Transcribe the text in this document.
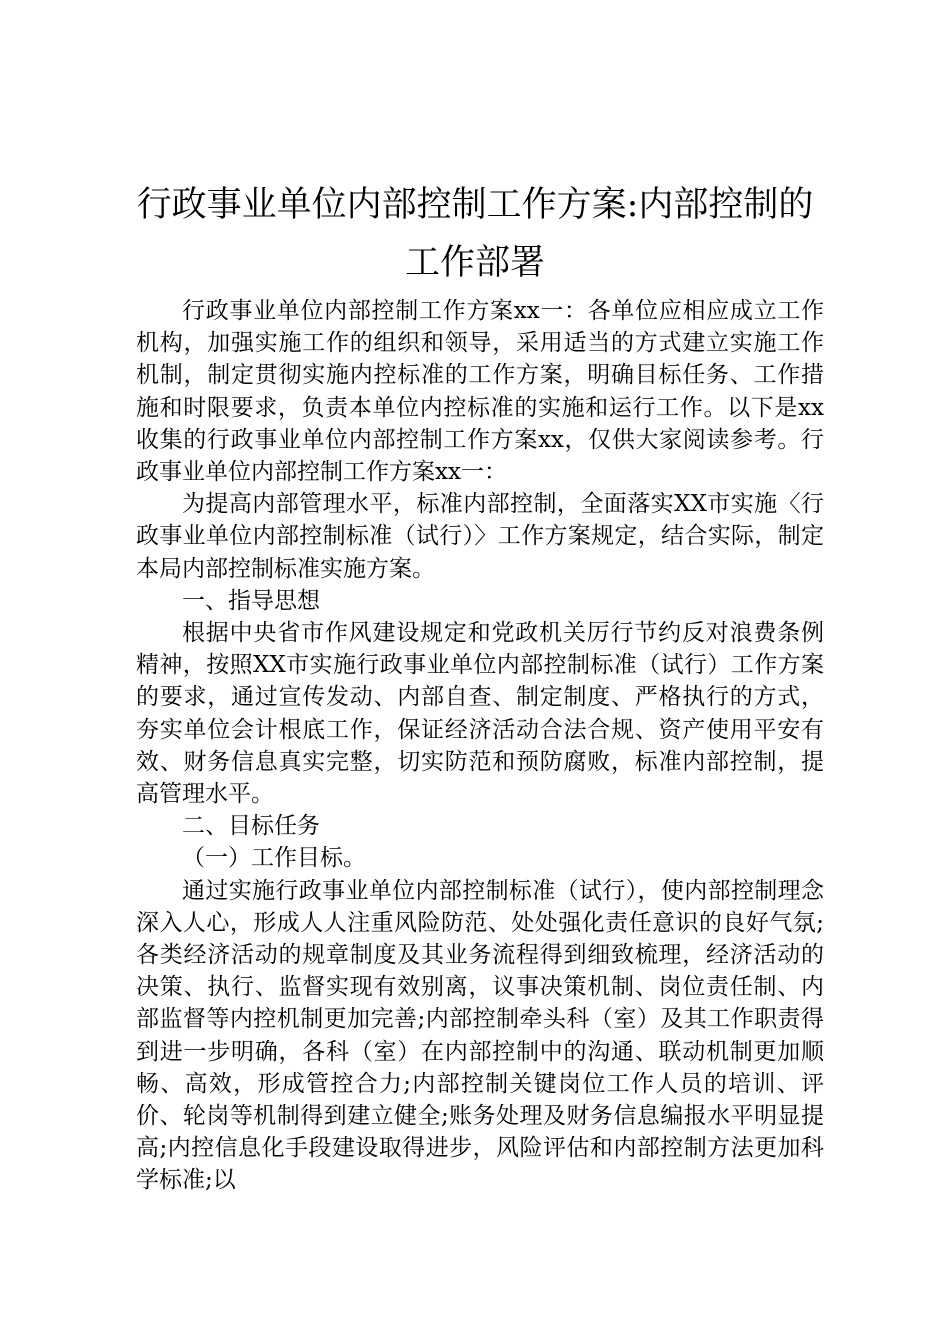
行政事业单位内部控制工作方案:内部控制的工作部署

行政事业单位内部控制工作方案xx一：各单位应相应成立工作机构，加强实施工作的组织和领导，采用适当的方式建立实施工作机制，制定贯彻实施内控标准的工作方案，明确目标任务、工作措施和时限要求，负责本单位内控标准的实施和运行工作。以下是xx收集的行政事业单位内部控制工作方案xx，仅供大家阅读参考。行政事业单位内部控制工作方案xx一：

为提高内部管理水平，标准内部控制，全面落实XX市实施〈行政事业单位内部控制标准（试行）〉工作方案规定，结合实际，制定本局内部控制标准实施方案。

一、指导思想

根据中央省市作风建设规定和党政机关厉行节约反对浪费条例精神，按照XX市实施行政事业单位内部控制标准（试行）工作方案的要求，通过宣传发动、内部自查、制定制度、严格执行的方式，夯实单位会计根底工作，保证经济活动合法合规、资产使用平安有效、财务信息真实完整，切实防范和预防腐败，标准内部控制，提高管理水平。

二、目标任务

（一）工作目标。

通过实施行政事业单位内部控制标准（试行），使内部控制理念深入人心，形成人人注重风险防范、处处强化责任意识的良好气氛;各类经济活动的规章制度及其业务流程得到细致梳理，经济活动的决策、执行、监督实现有效别离，议事决策机制、岗位责任制、内部监督等内控机制更加完善;内部控制牵头科（室）及其工作职责得到进一步明确，各科（室）在内部控制中的沟通、联动机制更加顺畅、高效，形成管控合力;内部控制关键岗位工作人员的培训、评价、轮岗等机制得到建立健全;账务处理及财务信息编报水平明显提高;内控信息化手段建设取得进步，风险评估和内部控制方法更加科学标准;以
